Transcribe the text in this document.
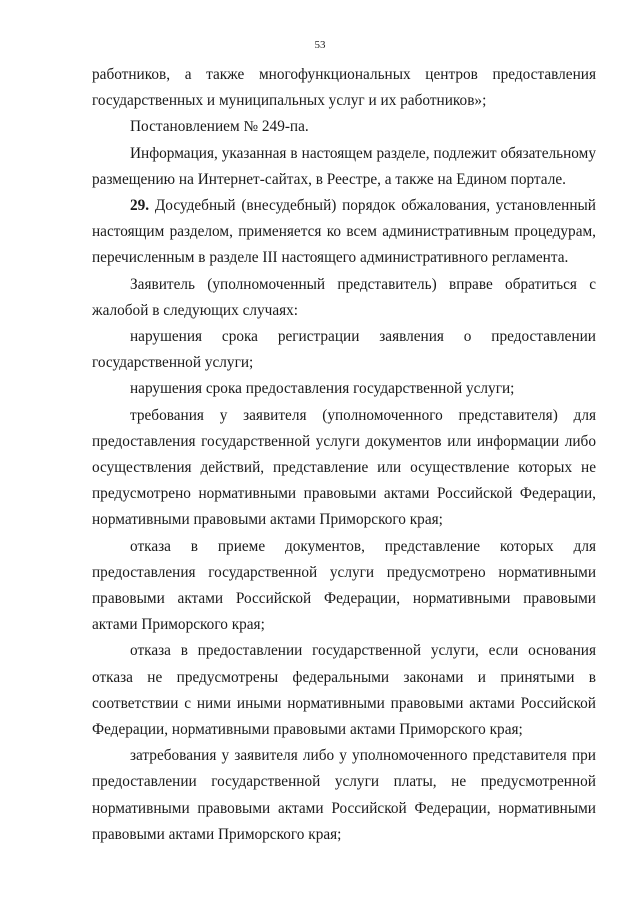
53

работников, а также многофункциональных центров предоставления государственных и муниципальных услуг и их работников»;

Постановлением № 249-па.

Информация, указанная в настоящем разделе, подлежит обязательному размещению на Интернет-сайтах, в Реестре, а также на Едином портале.

29. Досудебный (внесудебный) порядок обжалования, установленный настоящим разделом, применяется ко всем административным процедурам, перечисленным в разделе III настоящего административного регламента.

Заявитель (уполномоченный представитель) вправе обратиться с жалобой в следующих случаях:

нарушения срока регистрации заявления о предоставлении государственной услуги;

нарушения срока предоставления государственной услуги;

требования у заявителя (уполномоченного представителя) для предоставления государственной услуги документов или информации либо осуществления действий, представление или осуществление которых не предусмотрено нормативными правовыми актами Российской Федерации, нормативными правовыми актами Приморского края;

отказа в приеме документов, представление которых для предоставления государственной услуги предусмотрено нормативными правовыми актами Российской Федерации, нормативными правовыми актами Приморского края;

отказа в предоставлении государственной услуги, если основания отказа не предусмотрены федеральными законами и принятыми в соответствии с ними иными нормативными правовыми актами Российской Федерации, нормативными правовыми актами Приморского края;

затребования у заявителя либо у уполномоченного представителя при предоставлении государственной услуги платы, не предусмотренной нормативными правовыми актами Российской Федерации, нормативными правовыми актами Приморского края;
